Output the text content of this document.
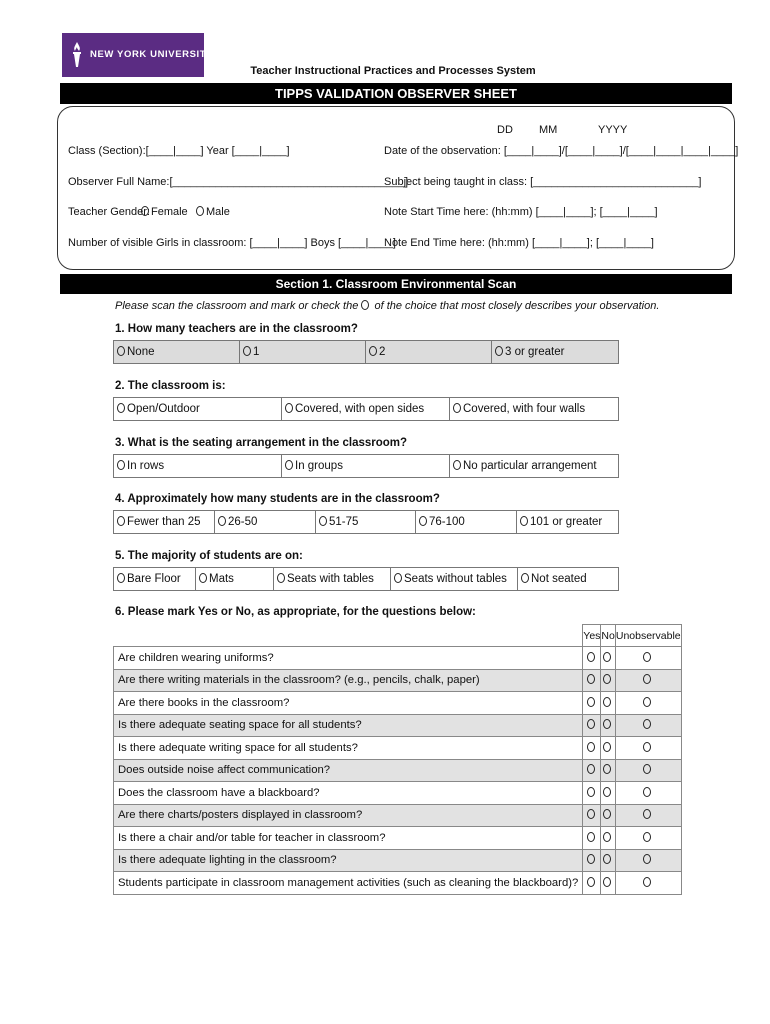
NEW YORK UNIVERSITY
Teacher Instructional Practices and Processes System
TIPPS VALIDATION OBSERVER SHEET
DD MM	YYYY
Class (Section):[____|____] Year [____|____]	Date of the observation: [____|____]/[____|____]/[____|____|____|____]
Observer Full Name:[______________________________________]
Subject being taught in class: [___________________________]
Teacher Gender: Female	Male	Note Start Time here: (hh:mm) [____|____]; [____|____]
Number of visible Girls in classroom: [____|____] Boys [____|____]
Note End Time here: (hh:mm) [____|____]; [____|____]
Section 1. Classroom Environmental Scan
Please scan the classroom and mark or check the of the choice that most closely describes your observation.
1. How many teachers are in the classroom?
None	1	2	3 or greater
2. The classroom is:
Open/Outdoor	Covered, with open sides	Covered, with four walls
3. What is the seating arrangement in the classroom?
In rows	In groups	No particular arrangement
4. Approximately how many students are in the classroom?
Fewer than 25	26-50	51-75	76-100	101 or greater
5. The majority of students are on:
Bare Floor	Mats	Seats with tables	Seats without tables	Not seated
6. Please mark Yes or No, as appropriate, for the questions below:
	Yes	No	Unobservable
Are children wearing uniforms?			
Are there writing materials in the classroom? (e.g., pencils, chalk, paper)			
Are there books in the classroom?			
Is there adequate seating space for all students?			
Is there adequate writing space for all students?			
Does outside noise affect communication?			
Does the classroom have a blackboard?			
Are there charts/posters displayed in classroom?			
Is there a chair and/or table for teacher in classroom?			
Is there adequate lighting in the classroom?			
Students participate in classroom management activities (such as cleaning the blackboard)?			
